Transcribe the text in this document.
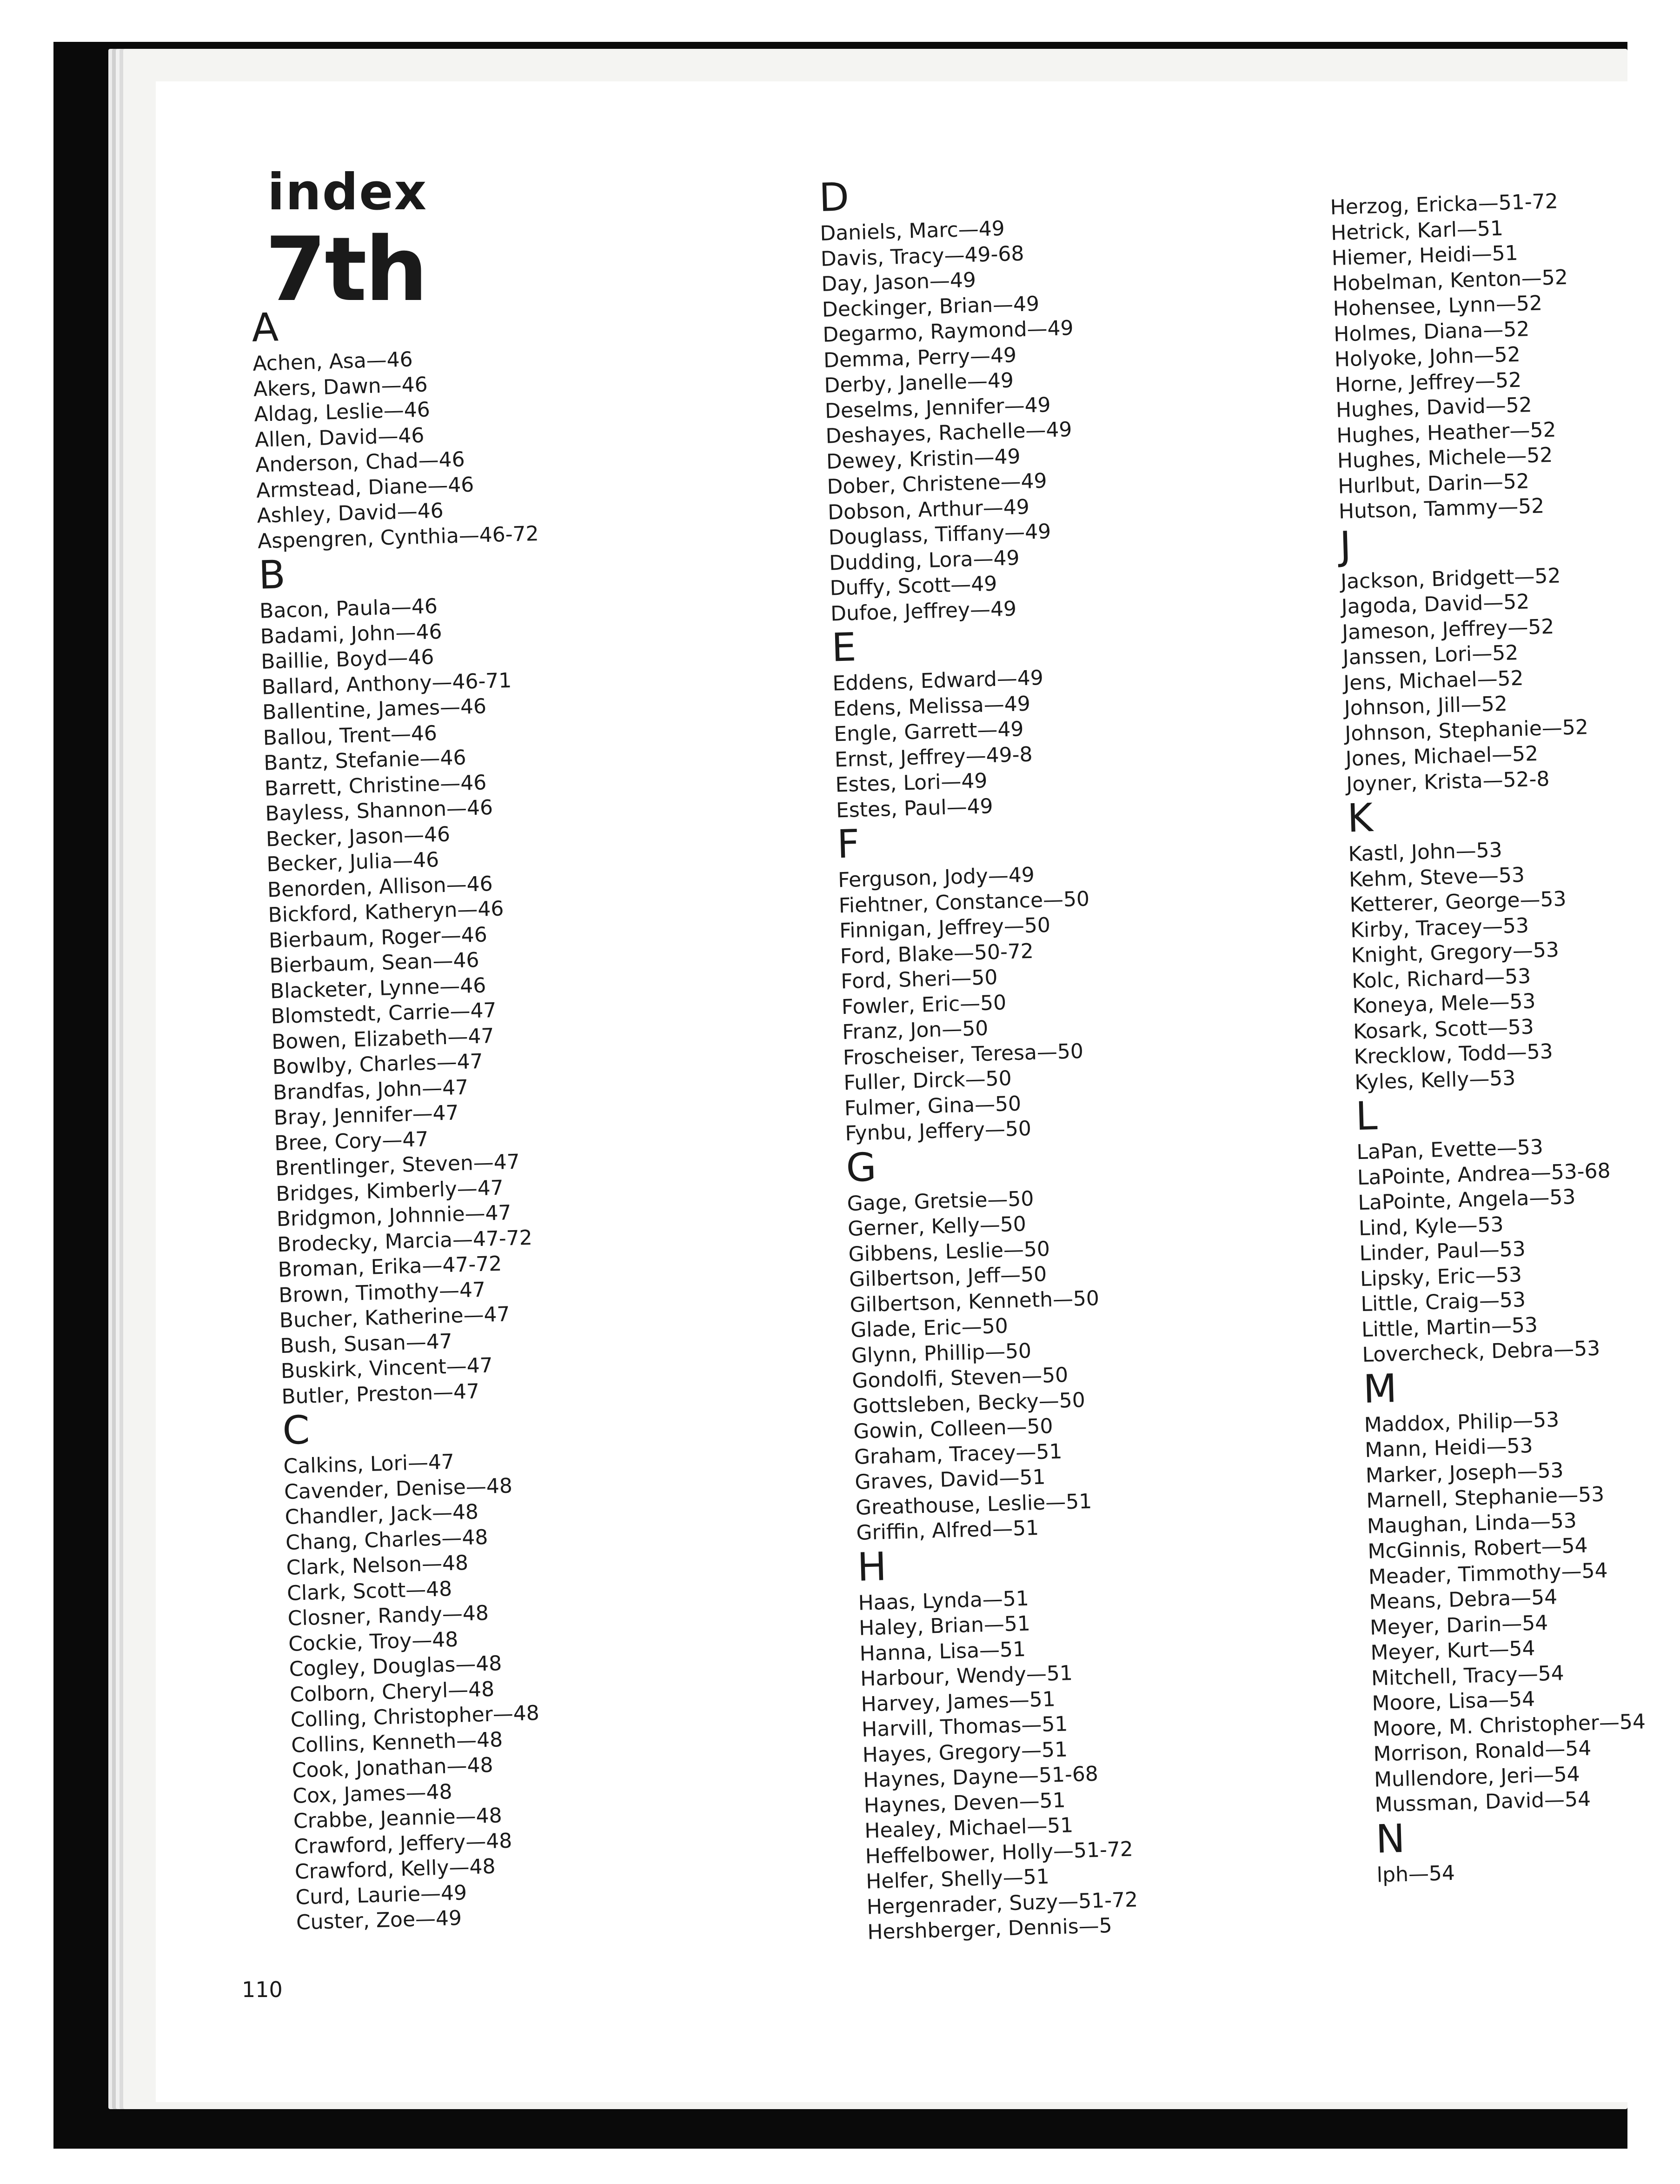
index
7th
A
Achen, Asa—46
Akers, Dawn—46
Aldag, Leslie—46
Allen, David—46
Anderson, Chad—46
Armstead, Diane—46
Ashley, David—46
Aspengren, Cynthia—46-72
B
Bacon, Paula—46
Badami, John—46
Baillie, Boyd—46
Ballard, Anthony—46-71
Ballentine, James—46
Ballou, Trent—46
Bantz, Stefanie—46
Barrett, Christine—46
Bayless, Shannon—46
Becker, Jason—46
Becker, Julia—46
Benorden, Allison—46
Bickford, Katheryn—46
Bierbaum, Roger—46
Bierbaum, Sean—46
Blacketer, Lynne—46
Blomstedt, Carrie—47
Bowen, Elizabeth—47
Bowlby, Charles—47
Brandfas, John—47
Bray, Jennifer—47
Bree, Cory—47
Brentlinger, Steven—47
Bridges, Kimberly—47
Bridgmon, Johnnie—47
Brodecky, Marcia—47-72
Broman, Erika—47-72
Brown, Timothy—47
Bucher, Katherine—47
Bush, Susan—47
Buskirk, Vincent—47
Butler, Preston—47
C
Calkins, Lori—47
Cavender, Denise—48
Chandler, Jack—48
Chang, Charles—48
Clark, Nelson—48
Clark, Scott—48
Closner, Randy—48
Cockie, Troy—48
Cogley, Douglas—48
Colborn, Cheryl—48
Colling, Christopher—48
Collins, Kenneth—48
Cook, Jonathan—48
Cox, James—48
Crabbe, Jeannie—48
Crawford, Jeffery—48
Crawford, Kelly—48
Curd, Laurie—49
Custer, Zoe—49
D
Daniels, Marc—49
Davis, Tracy—49-68
Day, Jason—49
Deckinger, Brian—49
Degarmo, Raymond—49
Demma, Perry—49
Derby, Janelle—49
Deselms, Jennifer—49
Deshayes, Rachelle—49
Dewey, Kristin—49
Dober, Christene—49
Dobson, Arthur—49
Douglass, Tiffany—49
Dudding, Lora—49
Duffy, Scott—49
Dufoe, Jeffrey—49
E
Eddens, Edward—49
Edens, Melissa—49
Engle, Garrett—49
Ernst, Jeffrey—49-8
Estes, Lori—49
Estes, Paul—49
F
Ferguson, Jody—49
Fiehtner, Constance—50
Finnigan, Jeffrey—50
Ford, Blake—50-72
Ford, Sheri—50
Fowler, Eric—50
Franz, Jon—50
Froscheiser, Teresa—50
Fuller, Dirck—50
Fulmer, Gina—50
Fynbu, Jeffery—50
G
Gage, Gretsie—50
Gerner, Kelly—50
Gibbens, Leslie—50
Gilbertson, Jeff—50
Gilbertson, Kenneth—50
Glade, Eric—50
Glynn, Phillip—50
Gondolfi, Steven—50
Gottsleben, Becky—50
Gowin, Colleen—50
Graham, Tracey—51
Graves, David—51
Greathouse, Leslie—51
Griffin, Alfred—51
H
Haas, Lynda—51
Haley, Brian—51
Hanna, Lisa—51
Harbour, Wendy—51
Harvey, James—51
Harvill, Thomas—51
Hayes, Gregory—51
Haynes, Dayne—51-68
Haynes, Deven—51
Healey, Michael—51
Heffelbower, Holly—51-72
Helfer, Shelly—51
Hergenrader, Suzy—51-72
Hershberger, Dennis—5
Herzog, Ericka—51-72
Hetrick, Karl—51
Hiemer, Heidi—51
Hobelman, Kenton—52
Hohensee, Lynn—52
Holmes, Diana—52
Holyoke, John—52
Horne, Jeffrey—52
Hughes, David—52
Hughes, Heather—52
Hughes, Michele—52
Hurlbut, Darin—52
Hutson, Tammy—52
J
Jackson, Bridgett—52
Jagoda, David—52
Jameson, Jeffrey—52
Janssen, Lori—52
Jens, Michael—52
Johnson, Jill—52
Johnson, Stephanie—52
Jones, Michael—52
Joyner, Krista—52-8
K
Kastl, John—53
Kehm, Steve—53
Ketterer, George—53
Kirby, Tracey—53
Knight, Gregory—53
Kolc, Richard—53
Koneya, Mele—53
Kosark, Scott—53
Krecklow, Todd—53
Kyles, Kelly—53
L
LaPan, Evette—53
LaPointe, Andrea—53-68
LaPointe, Angela—53
Lind, Kyle—53
Linder, Paul—53
Lipsky, Eric—53
Little, Craig—53
Little, Martin—53
Lovercheck, Debra—53
M
Maddox, Philip—53
Mann, Heidi—53
Marker, Joseph—53
Marnell, Stephanie—53
Maughan, Linda—53
McGinnis, Robert—54
Meader, Timmothy—54
Means, Debra—54
Meyer, Darin—54
Meyer, Kurt—54
Mitchell, Tracy—54
Moore, Lisa—54
Moore, M. Christopher—54
Morrison, Ronald—54
Mullendore, Jeri—54
Mussman, David—54
N
lph—54
110
